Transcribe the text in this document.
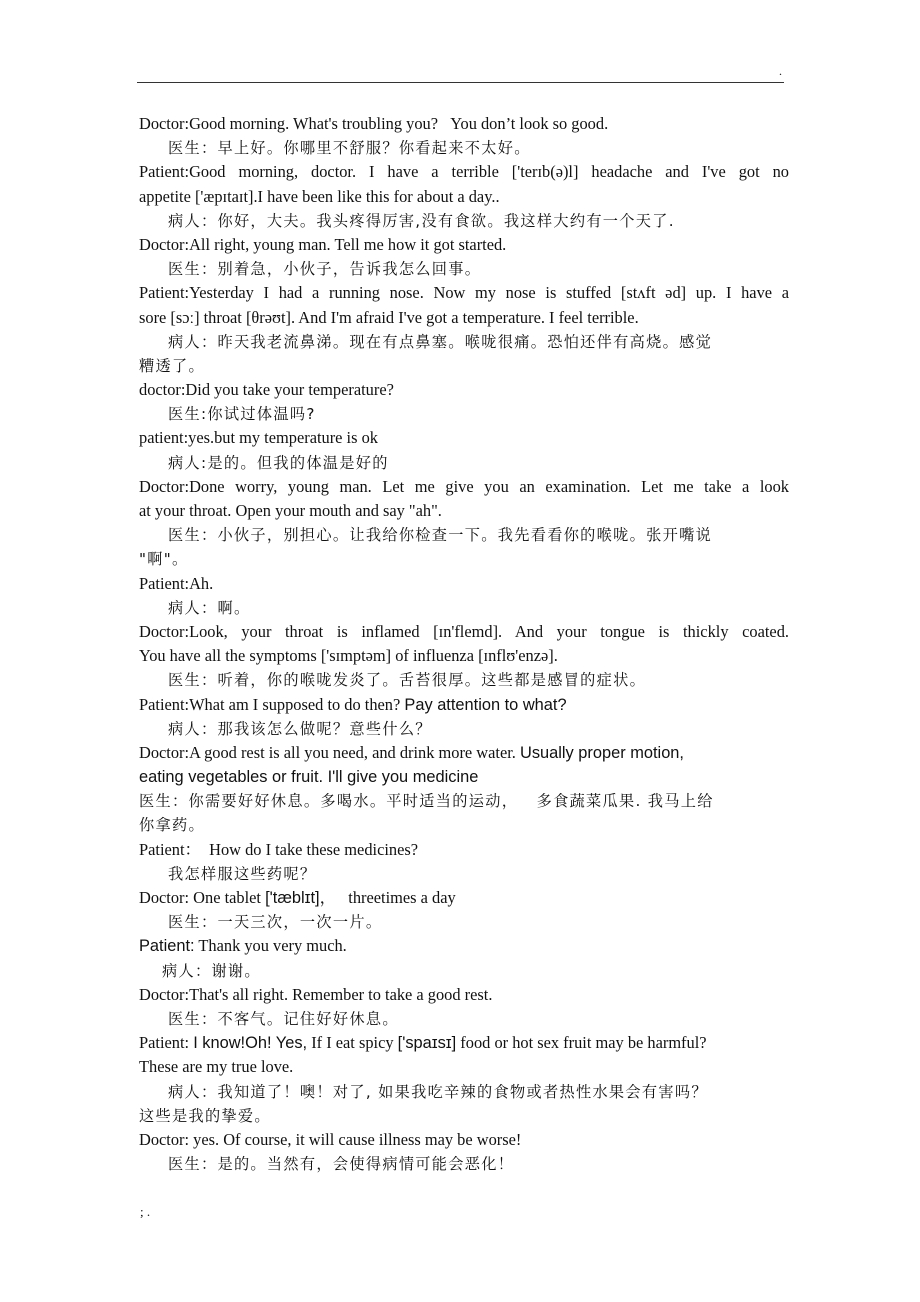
.
Doctor:Good morning. What's troubling you?   You don’t look so good.
医生：早上好。你哪里不舒服？你看起来不太好。
Patient:Good morning, doctor. I have a terrible ['terɪb(ə)l] headache and I've got no
appetite ['æpɪtaɪt].I have been like this for about a day..
病人：你好，大夫。我头疼得厉害,没有食欲。我这样大约有一个天了.
Doctor:All right, young man. Tell me how it got started.
医生：别着急，小伙子，告诉我怎么回事。
Patient:Yesterday I had a running nose. Now my nose is stuffed [stʌft əd] up. I have a
sore [sɔː] throat [θrəʊt]. And I'm afraid I've got a temperature. I feel terrible.
病人：昨天我老流鼻涕。现在有点鼻塞。喉咙很痛。恐怕还伴有高烧。感觉
糟透了。
doctor:Did you take your temperature?
医生:你试过体温吗?
patient:yes.but my temperature is ok
病人:是的。但我的体温是好的
Doctor:Done worry, young man. Let me give you an examination. Let me take a look
at your throat. Open your mouth and say "ah".
医生：小伙子，别担心。让我给你检查一下。我先看看你的喉咙。张开嘴说
"啊"。
Patient:Ah.
病人：啊。
Doctor:Look, your throat is inflamed [ɪn'flemd]. And your tongue is thickly coated.
You have all the symptoms ['sɪmptəm] of influenza [ɪnflʊ'enzə].
医生：听着，你的喉咙发炎了。舌苔很厚。这些都是感冒的症状。
Patient:What am I supposed to do then? Pay attention to what?
病人：那我该怎么做呢？意些什么？
Doctor:A good rest is all you need, and drink more water. Usually proper motion,
eating vegetables or fruit. I'll give you medicine
医生：你需要好好休息。多喝水。平时适当的运动，   多食蔬菜瓜果. 我马上给
你拿药。
Patient：  How do I take these medicines?
我怎样服这些药呢？
Doctor: One tablet ['tæblɪt]，   threetimes a day
医生：一天三次，一次一片。
Patient: Thank you very much.
病人：谢谢。
Doctor:That's all right. Remember to take a good rest.
医生：不客气。记住好好休息。
Patient: I know!Oh! Yes, If I eat spicy ['spaɪsɪ] food or hot sex fruit may be harmful?
These are my true love.
病人：我知道了！噢！对了, 如果我吃辛辣的食物或者热性水果会有害吗？
这些是我的挚爱。
Doctor: yes. Of course, it will cause illness may be worse!
医生：是的。当然有，会使得病情可能会恶化！
; .
